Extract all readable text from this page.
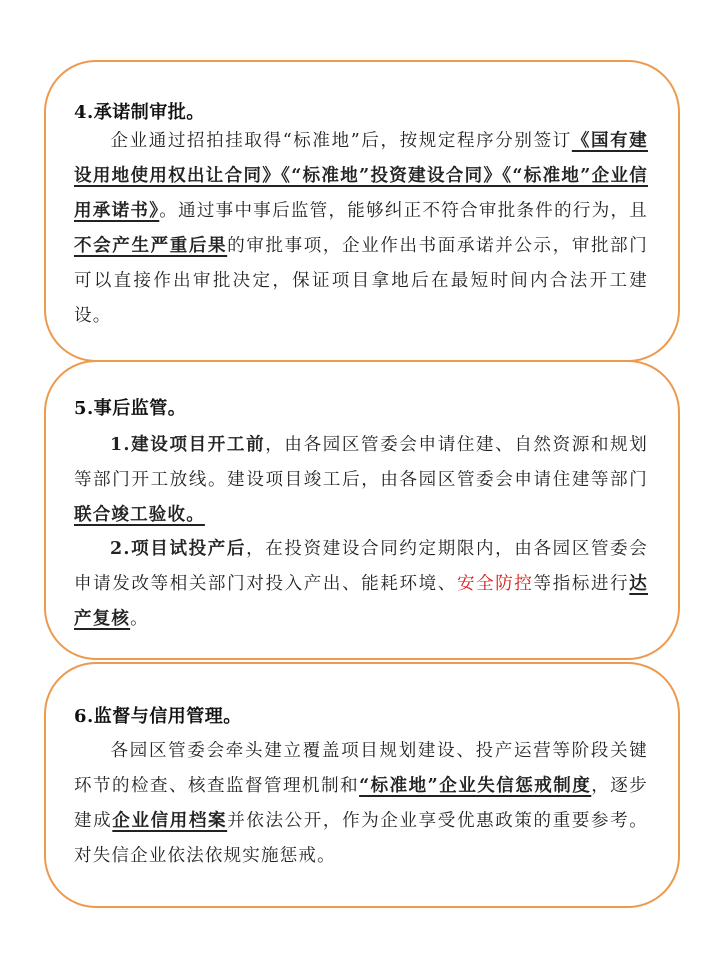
4.承诺制审批。
企业通过招拍挂取得“标准地”后，按规定程序分别签订《国有建设用地使用权出让合同》《“标准地”投资建设合同》《“标准地”企业信用承诺书》。通过事中事后监管，能够纠正不符合审批条件的行为，且不会产生严重后果的审批事项，企业作出书面承诺并公示，审批部门可以直接作出审批决定，保证项目拿地后在最短时间内合法开工建设。
5.事后监管。
1.建设项目开工前，由各园区管委会申请住建、自然资源和规划等部门开工放线。建设项目竣工后，由各园区管委会申请住建等部门联合竣工验收。
2.项目试投产后，在投资建设合同约定期限内，由各园区管委会申请发改等相关部门对投入产出、能耗环境、安全防控等指标进行达产复核。
6.监督与信用管理。
各园区管委会牵头建立覆盖项目规划建设、投产运营等阶段关键环节的检查、核查监督管理机制和“标准地”企业失信惩戒制度，逐步建成企业信用档案并依法公开，作为企业享受优惠政策的重要参考。对失信企业依法依规实施惩戒。
